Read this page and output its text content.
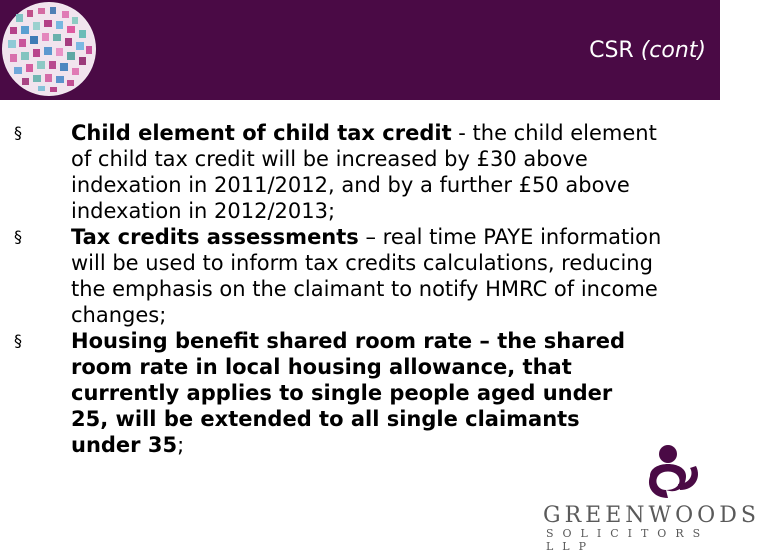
CSR (cont)

§	Child element of child tax credit - the child element of child tax credit will be increased by £30 above indexation in 2011/2012, and by a further £50 above indexation in 2012/2013;

§	Tax credits assessments – real time PAYE information will be used to inform tax credits calculations, reducing the emphasis on the claimant to notify HMRC of income changes;

§	Housing benefit shared room rate – the shared room rate in local housing allowance, that currently applies to single people aged under 25, will be extended to all single claimants under 35;

GREENWOODS
SOLICITORS LLP
